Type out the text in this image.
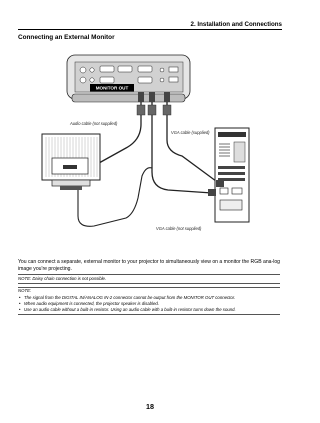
2. Installation and Connections
Connecting an External Monitor
MONITOR OUT
Audio cable (not supplied)
VGA cable (supplied)
VGA cable (not supplied)
You can connect a separate, external monitor to your projector to simultaneously view on a monitor the RGB ana-log image you're projecting.
NOTE: Daisy chain connection is not possible.
NOTE:
• The signal from the DIGITAL IN/ANALOG IN-2 connector cannot be output from the MONITOR OUT connector.
• When audio equipment is connected, the projector speaker is disabled.
• Use an audio cable without a built-in resistor. Using an audio cable with a built-in resistor turns down the sound.
18
